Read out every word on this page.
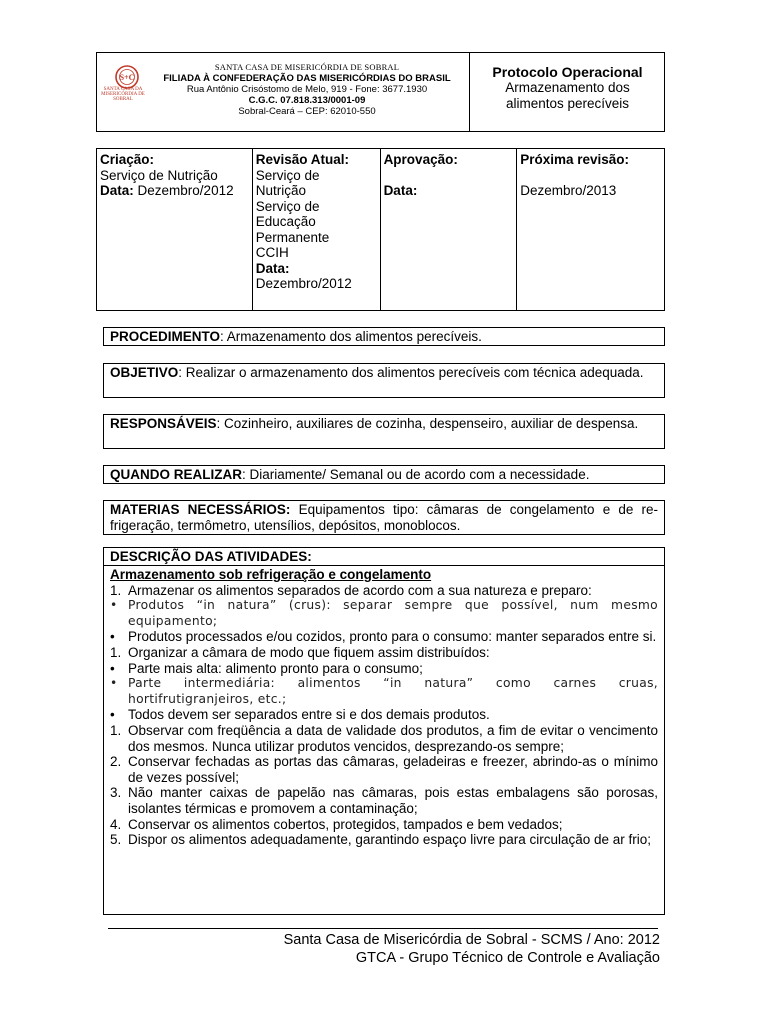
S+C
SANTA CASA DA MISERICÓRDIA DE SOBRAL
SANTA CASA DE MISERICÓRDIA DE SOBRAL
FILIADA À CONFEDERAÇÃO DAS MISERICÓRDIAS DO BRASIL
Rua Antônio Crisóstomo de Melo, 919 - Fone: 3677.1930
C.G.C. 07.818.313/0001-09
Sobral-Ceará – CEP: 62010-550
Protocolo Operacional
Armazenamento dos
alimentos perecíveis
Criação:
Serviço de Nutrição
Data: Dezembro/2012

Revisão Atual:
Serviço de
Nutrição
Serviço de
Educação
Permanente
CCIH
Data:
Dezembro/2012

Aprovação:

Data:

Próxima revisão:

Dezembro/2013
PROCEDIMENTO: Armazenamento dos alimentos perecíveis.
OBJETIVO: Realizar o armazenamento dos alimentos perecíveis com técnica adequada.
RESPONSÁVEIS: Cozinheiro, auxiliares de cozinha, despenseiro, auxiliar de despensa.
QUANDO REALIZAR: Diariamente/ Semanal ou de acordo com a necessidade.
MATERIAS NECESSÁRIOS: Equipamentos tipo: câmaras de congelamento e de re-frigeração, termômetro, utensílios, depósitos, monoblocos.
DESCRIÇÃO DAS ATIVIDADES:
Armazenamento sob refrigeração e congelamento
1. Armazenar os alimentos separados de acordo com a sua natureza e preparo:
• Produtos “in natura” (crus): separar sempre que possível, num mesmo equipamento;
• Produtos processados e/ou cozidos, pronto para o consumo: manter separados entre si.
1. Organizar a câmara de modo que fiquem assim distribuídos:
• Parte mais alta: alimento pronto para o consumo;
• Parte intermediária: alimentos “in natura” como carnes cruas, hortifrutigranjeiros, etc.;
• Todos devem ser separados entre si e dos demais produtos.
1. Observar com freqüência a data de validade dos produtos, a fim de evitar o vencimento dos mesmos. Nunca utilizar produtos vencidos, desprezando-os sempre;
2. Conservar fechadas as portas das câmaras, geladeiras e freezer, abrindo-as o mínimo de vezes possível;
3. Não manter caixas de papelão nas câmaras, pois estas embalagens são porosas, isolantes térmicas e promovem a contaminação;
4. Conservar os alimentos cobertos, protegidos, tampados e bem vedados;
5. Dispor os alimentos adequadamente, garantindo espaço livre para circulação de ar frio;
Santa Casa de Misericórdia de Sobral - SCMS / Ano: 2012
GTCA - Grupo Técnico de Controle e Avaliação
